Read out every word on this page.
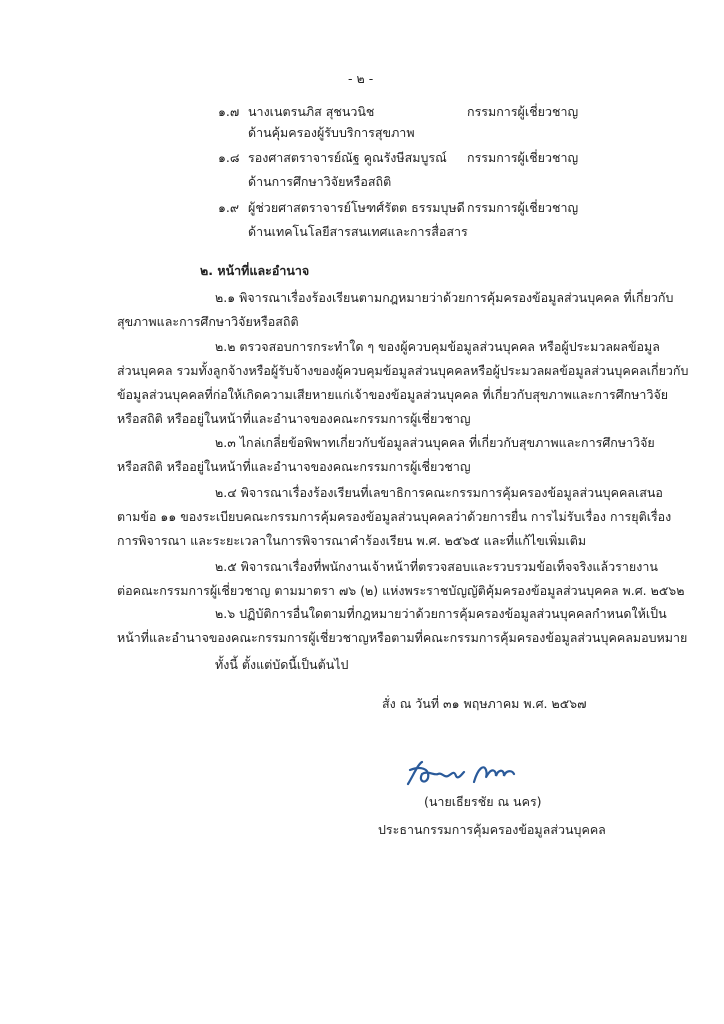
- ๒ -
๑.๗ นางเนตรนภิส สุชนวนิช	กรรมการผู้เชี่ยวชาญ
ด้านคุ้มครองผู้รับบริการสุขภาพ
๑.๘ รองศาสตราจารย์ณัฐ คูณรังษีสมบูรณ์ กรรมการผู้เชี่ยวชาญ
ด้านการศึกษาวิจัยหรือสถิติ
๑.๙ ผู้ช่วยศาสตราจารย์โษฑศ์รัตต ธรรมบุษดี กรรมการผู้เชี่ยวชาญ
ด้านเทคโนโลยีสารสนเทศและการสื่อสาร
๒. หน้าที่และอำนาจ
๒.๑ พิจารณาเรื่องร้องเรียนตามกฎหมายว่าด้วยการคุ้มครองข้อมูลส่วนบุคคล ที่เกี่ยวกับ
สุขภาพและการศึกษาวิจัยหรือสถิติ
๒.๒ ตรวจสอบการกระทำใด ๆ ของผู้ควบคุมข้อมูลส่วนบุคคล หรือผู้ประมวลผลข้อมูล
ส่วนบุคคล รวมทั้งลูกจ้างหรือผู้รับจ้างของผู้ควบคุมข้อมูลส่วนบุคคลหรือผู้ประมวลผลข้อมูลส่วนบุคคลเกี่ยวกับ
ข้อมูลส่วนบุคคลที่ก่อให้เกิดความเสียหายแก่เจ้าของข้อมูลส่วนบุคคล ที่เกี่ยวกับสุขภาพและการศึกษาวิจัย
หรือสถิติ หรืออยู่ในหน้าที่และอำนาจของคณะกรรมการผู้เชี่ยวชาญ
๒.๓ ไกล่เกลี่ยข้อพิพาทเกี่ยวกับข้อมูลส่วนบุคคล ที่เกี่ยวกับสุขภาพและการศึกษาวิจัย
หรือสถิติ หรืออยู่ในหน้าที่และอำนาจของคณะกรรมการผู้เชี่ยวชาญ
๒.๔ พิจารณาเรื่องร้องเรียนที่เลขาธิการคณะกรรมการคุ้มครองข้อมูลส่วนบุคคลเสนอ
ตามข้อ ๑๑ ของระเบียบคณะกรรมการคุ้มครองข้อมูลส่วนบุคคลว่าด้วยการยื่น การไม่รับเรื่อง การยุติเรื่อง
การพิจารณา และระยะเวลาในการพิจารณาคำร้องเรียน พ.ศ. ๒๕๖๕ และที่แก้ไขเพิ่มเติม
๒.๕ พิจารณาเรื่องที่พนักงานเจ้าหน้าที่ตรวจสอบและรวบรวมข้อเท็จจริงแล้วรายงาน
ต่อคณะกรรมการผู้เชี่ยวชาญ ตามมาตรา ๗๖ (๒) แห่งพระราชบัญญัติคุ้มครองข้อมูลส่วนบุคคล พ.ศ. ๒๕๖๒
๒.๖ ปฏิบัติการอื่นใดตามที่กฎหมายว่าด้วยการคุ้มครองข้อมูลส่วนบุคคลกำหนดให้เป็น
หน้าที่และอำนาจของคณะกรรมการผู้เชี่ยวชาญหรือตามที่คณะกรรมการคุ้มครองข้อมูลส่วนบุคคลมอบหมาย
ทั้งนี้ ตั้งแต่บัดนี้เป็นต้นไป
สั่ง ณ วันที่ ๓๑ พฤษภาคม พ.ศ. ๒๕๖๗
(นายเธียรชัย ณ นคร)
ประธานกรรมการคุ้มครองข้อมูลส่วนบุคคล
